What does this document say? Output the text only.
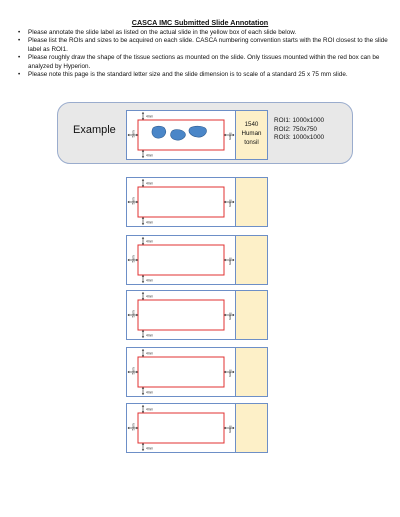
CASCA IMC Submitted Slide Annotation
• Please annotate the slide label as listed on the actual slide in the yellow box of each slide below.
• Please list the ROIs and sizes to be acquired on each slide. CASCA numbering convention starts with the ROI closest to the slide label as ROI1.
• Please roughly draw the shape of the tissue sections as mounted on the slide. Only tissues mounted within the red box can be analyzed by Hyperion.
• Please note this page is the standard letter size and the slide dimension is to scale of a standard 25 x 75 mm slide.
Example
4mm
4mm
5mm	5mm
1540
Human
tonsil
ROI1: 1000x1000
ROI2: 750x750
ROI3: 1000x1000
4mm
4mm
5mm	5mm
4mm
4mm
5mm	5mm
4mm
4mm
5mm	5mm
4mm
4mm
5mm	5mm
4mm
4mm
5mm	5mm
